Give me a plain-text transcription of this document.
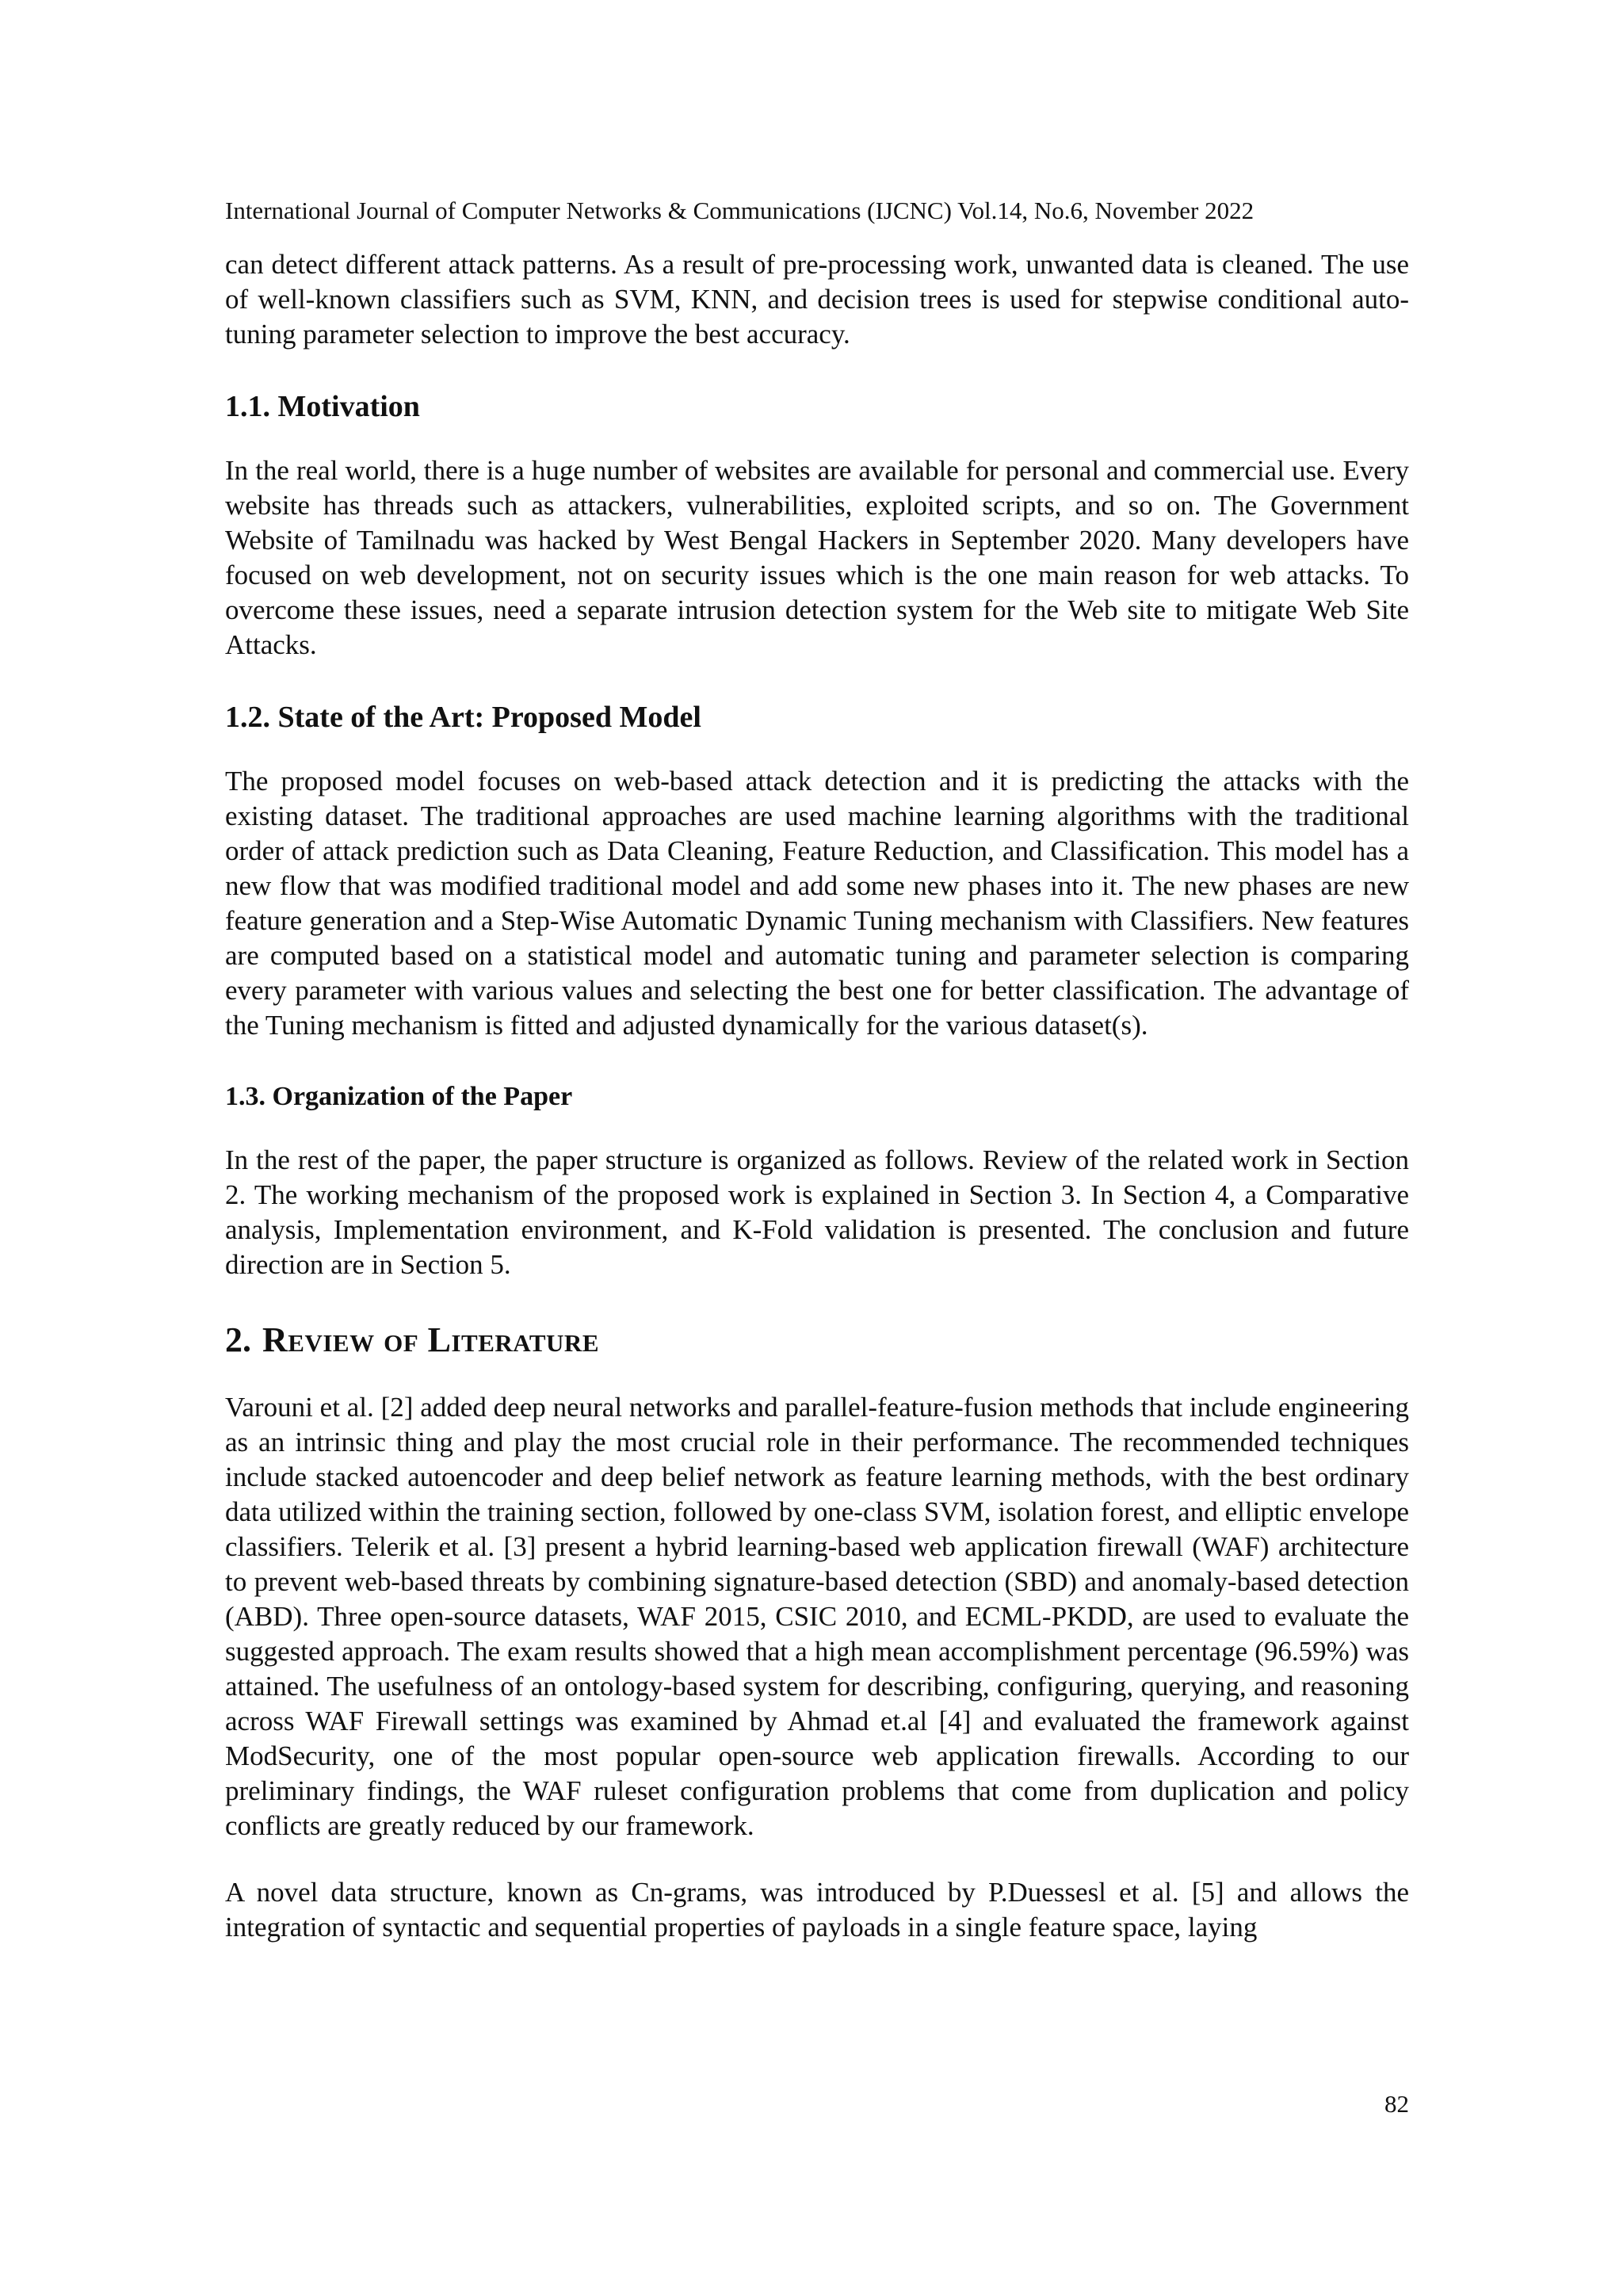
International Journal of Computer Networks & Communications (IJCNC) Vol.14, No.6, November 2022

can detect different attack patterns. As a result of pre-processing work, unwanted data is cleaned. The use of well-known classifiers such as SVM, KNN, and decision trees is used for stepwise conditional auto-tuning parameter selection to improve the best accuracy.

1.1. Motivation

In the real world, there is a huge number of websites are available for personal and commercial use. Every website has threads such as attackers, vulnerabilities, exploited scripts, and so on. The Government Website of Tamilnadu was hacked by West Bengal Hackers in September 2020. Many developers have focused on web development, not on security issues which is the one main reason for web attacks. To overcome these issues, need a separate intrusion detection system for the Web site to mitigate Web Site Attacks.

1.2. State of the Art: Proposed Model

The proposed model focuses on web-based attack detection and it is predicting the attacks with the existing dataset. The traditional approaches are used machine learning algorithms with the traditional order of attack prediction such as Data Cleaning, Feature Reduction, and Classification. This model has a new flow that was modified traditional model and add some new phases into it. The new phases are new feature generation and a Step-Wise Automatic Dynamic Tuning mechanism with Classifiers. New features are computed based on a statistical model and automatic tuning and parameter selection is comparing every parameter with various values and selecting the best one for better classification. The advantage of the Tuning mechanism is fitted and adjusted dynamically for the various dataset(s).

1.3. Organization of the Paper

In the rest of the paper, the paper structure is organized as follows. Review of the related work in Section 2. The working mechanism of the proposed work is explained in Section 3. In Section 4, a Comparative analysis, Implementation environment, and K-Fold validation is presented. The conclusion and future direction are in Section 5.

2. Review of Literature

Varouni et al. [2] added deep neural networks and parallel-feature-fusion methods that include engineering as an intrinsic thing and play the most crucial role in their performance. The recommended techniques include stacked autoencoder and deep belief network as feature learning methods, with the best ordinary data utilized within the training section, followed by one-class SVM, isolation forest, and elliptic envelope classifiers. Telerik et al. [3] present a hybrid learning-based web application firewall (WAF) architecture to prevent web-based threats by combining signature-based detection (SBD) and anomaly-based detection (ABD). Three open-source datasets, WAF 2015, CSIC 2010, and ECML-PKDD, are used to evaluate the suggested approach. The exam results showed that a high mean accomplishment percentage (96.59%) was attained. The usefulness of an ontology-based system for describing, configuring, querying, and reasoning across WAF Firewall settings was examined by Ahmad et.al [4] and evaluated the framework against ModSecurity, one of the most popular open-source web application firewalls. According to our preliminary findings, the WAF ruleset configuration problems that come from duplication and policy conflicts are greatly reduced by our framework.

A novel data structure, known as Cn-grams, was introduced by P.Duessesl et al. [5] and allows the integration of syntactic and sequential properties of payloads in a single feature space, laying

82
